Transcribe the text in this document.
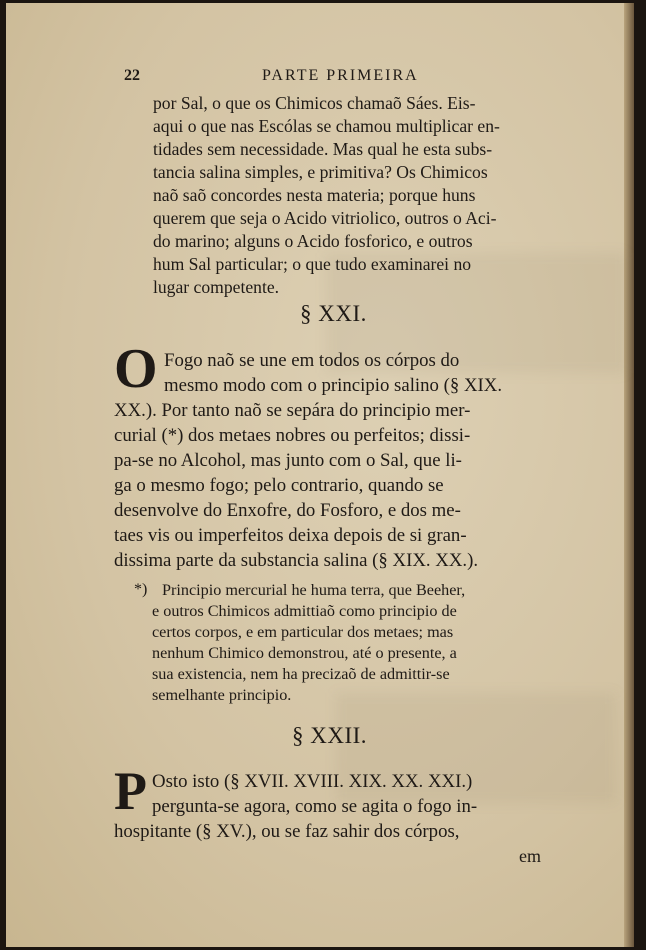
22	PARTE PRIMEIRA
por Sal, o que os Chimicos chamaõ Sáes. Eis-
aqui o que nas Escólas se chamou multiplicar en-
tidades sem necessidade. Mas qual he esta subs-
tancia salina simples, e primitiva? Os Chimicos
naõ saõ concordes nesta materia; porque huns
querem que seja o Acido vitriolico, outros o Aci-
do marino; alguns o Acido fosforico, e outros
hum Sal particular; o que tudo examinarei no
lugar competente.
§ XXI.
O Fogo naõ se une em todos os córpos do
mesmo modo com o principio salino (§ XIX.
XX.). Por tanto naõ se sepára do principio mer-
curial (*) dos metaes nobres ou perfeitos; dissi-
pa-se no Alcohol, mas junto com o Sal, que li-
ga o mesmo fogo; pelo contrario, quando se
desenvolve do Enxofre, do Fosforo, e dos me-
taes vis ou imperfeitos deixa depois de si gran-
dissima parte da substancia salina (§ XIX. XX.).
*) Principio mercurial he huma terra, que Beeher,
e outros Chimicos admittiaõ como principio de
certos corpos, e em particular dos metaes; mas
nenhum Chimico demonstrou, até o presente, a
sua existencia, nem ha precizaõ de admittir-se
semelhante principio.
§ XXII.
P Osto isto (§ XVII. XVIII. XIX. XX. XXI.)
pergunta-se agora, como se agita o fogo in-
hospitante (§ XV.), ou se faz sahir dos córpos,
em
